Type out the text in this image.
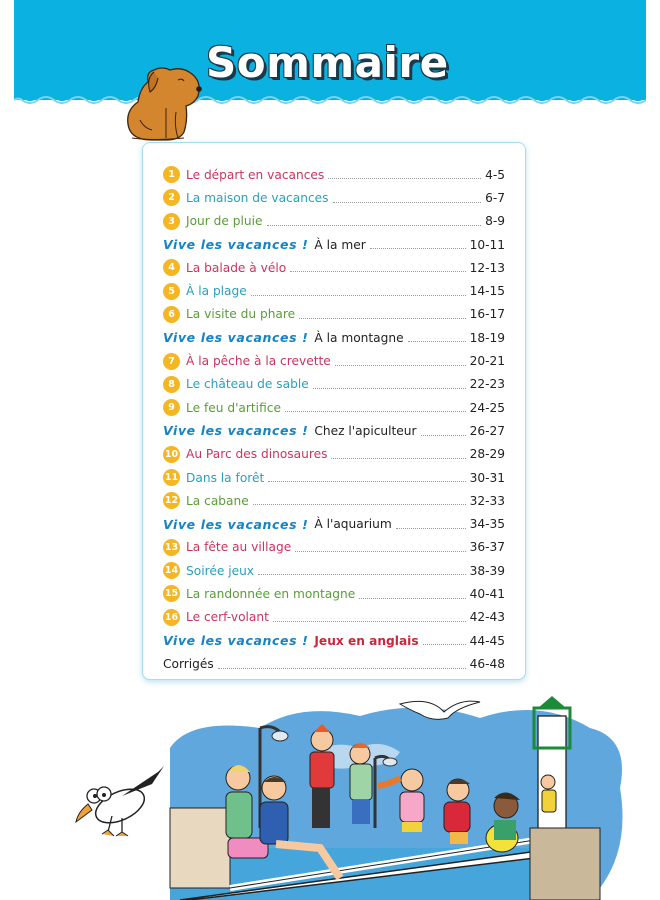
Sommaire
1 Le départ en vacances	4-5
2 La maison de vacances	6-7
3 Jour de pluie	8-9
Vive les vacances ! À la mer	10-11
4 La balade à vélo	12-13
5 À la plage	14-15
6 La visite du phare	16-17
Vive les vacances ! À la montagne	18-19
7 À la pêche à la crevette	20-21
8 Le château de sable	22-23
9 Le feu d'artifice	24-25
Vive les vacances ! Chez l'apiculteur	26-27
10 Au Parc des dinosaures	28-29
11 Dans la forêt	30-31
12 La cabane	32-33
Vive les vacances ! À l'aquarium	34-35
13 La fête au village	36-37
14 Soirée jeux	38-39
15 La randonnée en montagne	40-41
16 Le cerf-volant	42-43
Vive les vacances ! Jeux en anglais	44-45
Corrigés	46-48
